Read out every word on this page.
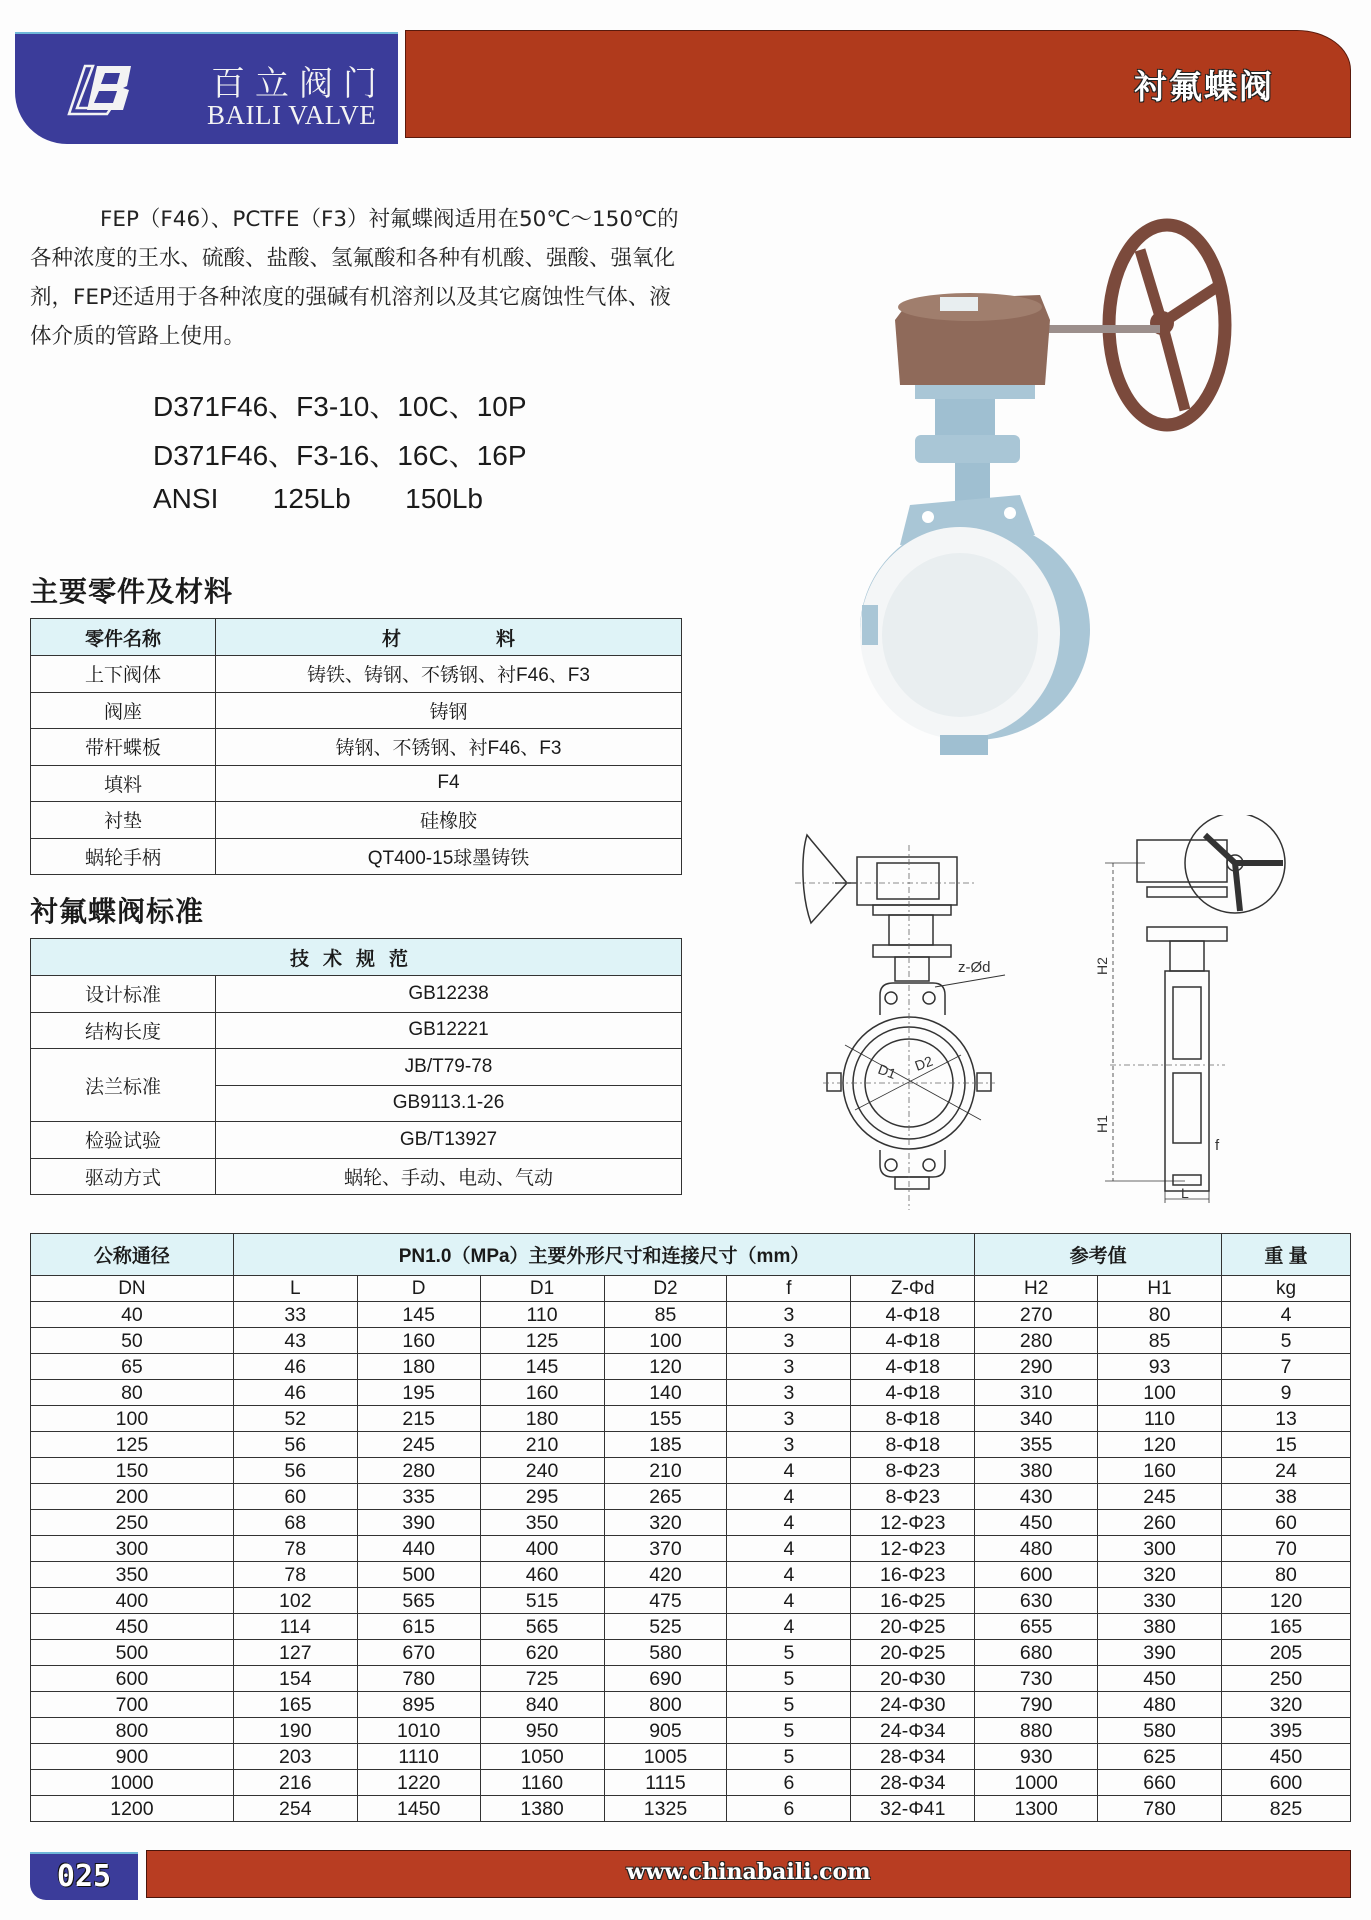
百立阀门
BAILI VALVE
衬氟蝶阀

FEP（F46）、PCTFE（F3）衬氟蝶阀适用在50℃～150℃的各种浓度的王水、硫酸、盐酸、氢氟酸和各种有机酸、强酸、强氧化剂，FEP还适用于各种浓度的强碱有机溶剂以及其它腐蚀性气体、液体介质的管路上使用。

D371F46、F3-10、10C、10P
D371F46、F3-16、16C、16P
ANSI       125Lb       150Lb
z-Ød
D1 D2
H2
H1
f
L
主要零件及材料
零件名称	材　　　　　料
上下阀体	铸铁、铸钢、不锈钢、衬F46、F3
阀座	铸钢
带杆蝶板	铸钢、不锈钢、衬F46、F3
填料	F4
衬垫	硅橡胶
蜗轮手柄	QT400-15球墨铸铁
衬氟蝶阀标准
技术规范	
设计标准	GB12238
结构长度	GB12221
法兰标准	JB/T79-78
	GB9113.1-26
检验试验	GB/T13927
驱动方式	蜗轮、手动、电动、气动
公称通径	PN1.0（MPa）主要外形尺寸和连接尺寸（mm）						参考值		重 量
DN	L	D	D1	D2	f	Z-Φd	H2	H1	kg
40	33	145	110	85	3	4-Φ18	270	80	4
50	43	160	125	100	3	4-Φ18	280	85	5
65	46	180	145	120	3	4-Φ18	290	93	7
80	46	195	160	140	3	4-Φ18	310	100	9
100	52	215	180	155	3	8-Φ18	340	110	13
125	56	245	210	185	3	8-Φ18	355	120	15
150	56	280	240	210	4	8-Φ23	380	160	24
200	60	335	295	265	4	8-Φ23	430	245	38
250	68	390	350	320	4	12-Φ23	450	260	60
300	78	440	400	370	4	12-Φ23	480	300	70
350	78	500	460	420	4	16-Φ23	600	320	80
400	102	565	515	475	4	16-Φ25	630	330	120
450	114	615	565	525	4	20-Φ25	655	380	165
500	127	670	620	580	5	20-Φ25	680	390	205
600	154	780	725	690	5	20-Φ30	730	450	250
700	165	895	840	800	5	24-Φ30	790	480	320
800	190	1010	950	905	5	24-Φ34	880	580	395
900	203	1110	1050	1005	5	28-Φ34	930	625	450
1000	216	1220	1160	1115	6	28-Φ34	1000	660	600
1200	254	1450	1380	1325	6	32-Φ41	1300	780	825
025	www.chinabaili.com
